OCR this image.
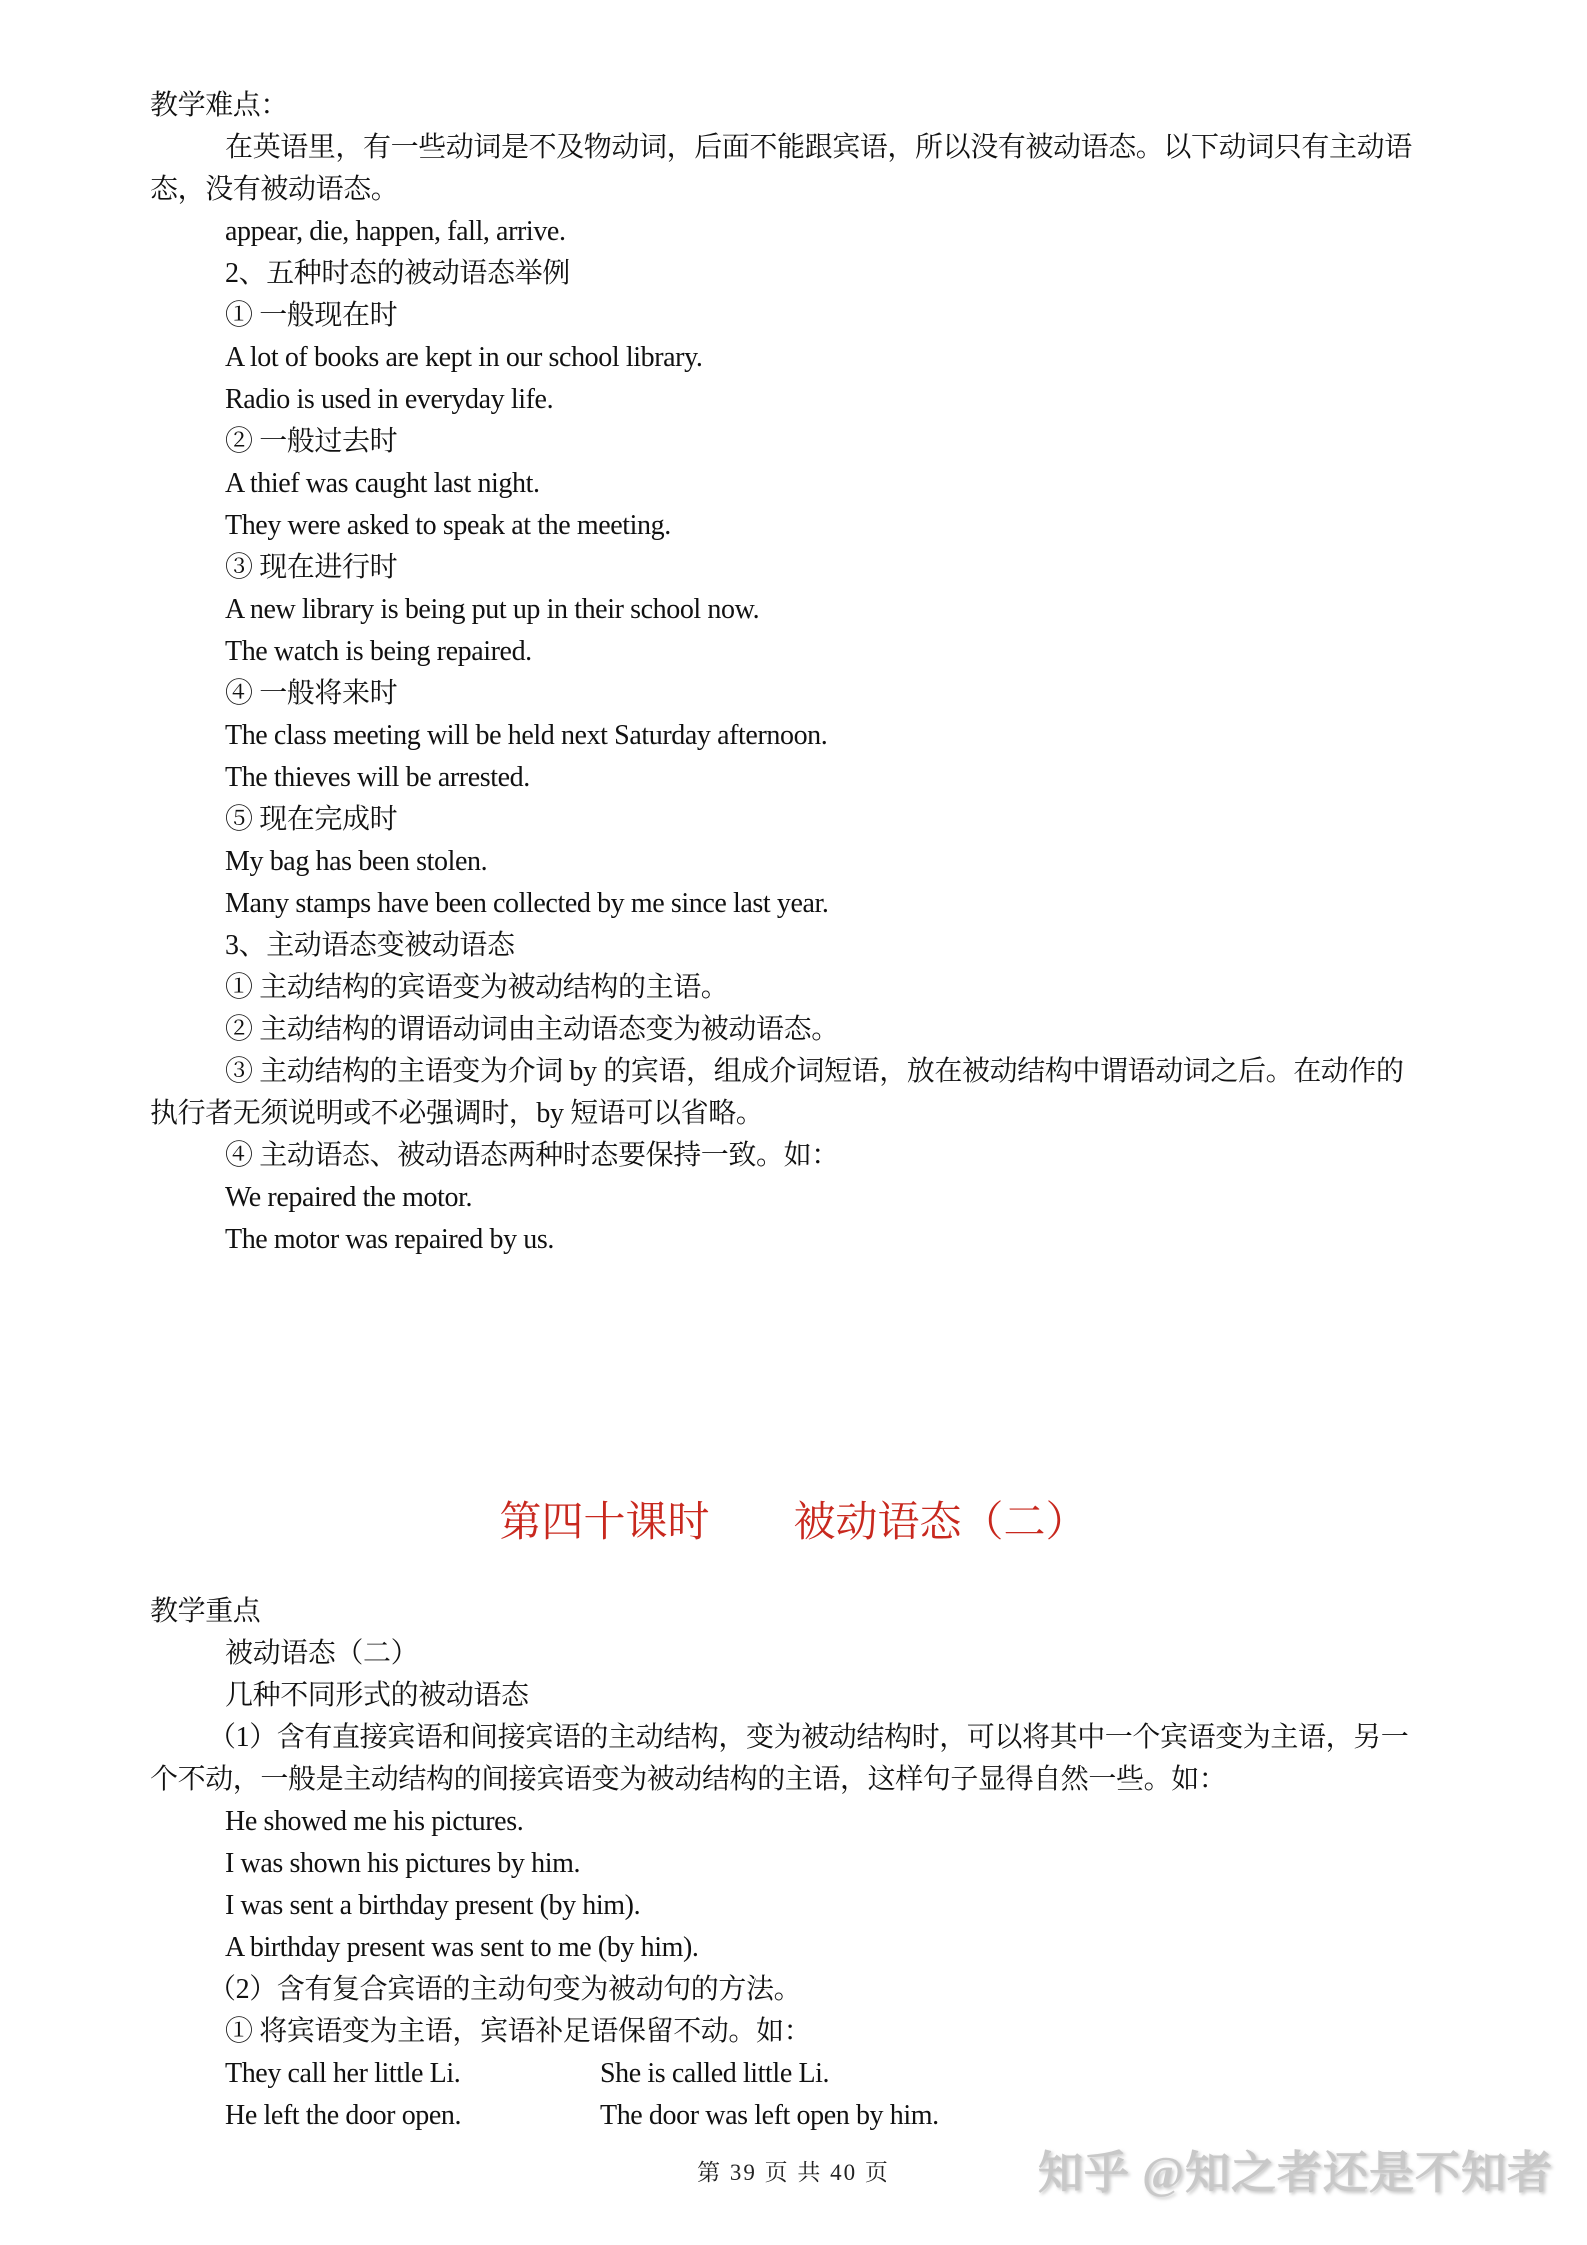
教学难点：
在英语里，有一些动词是不及物动词，后面不能跟宾语，所以没有被动语态。以下动词只有主动语
态，没有被动语态。
appear, die, happen, fall, arrive.
2、五种时态的被动语态举例
① 一般现在时
A lot of books are kept in our school library.
Radio is used in everyday life.
② 一般过去时
A thief was caught last night.
They were asked to speak at the meeting.
③ 现在进行时
A new library is being put up in their school now.
The watch is being repaired.
④ 一般将来时
The class meeting will be held next Saturday afternoon.
The thieves will be arrested.
⑤ 现在完成时
My bag has been stolen.
Many stamps have been collected by me since last year.
3、主动语态变被动语态
① 主动结构的宾语变为被动结构的主语。
② 主动结构的谓语动词由主动语态变为被动语态。
③ 主动结构的主语变为介词 by 的宾语，组成介词短语，放在被动结构中谓语动词之后。在动作的
执行者无须说明或不必强调时，by 短语可以省略。
④ 主动语态、被动语态两种时态要保持一致。如：
We repaired the motor.
The motor was repaired by us.
第四十课时　　被动语态（二）
教学重点
被动语态（二）
几种不同形式的被动语态
（1）含有直接宾语和间接宾语的主动结构，变为被动结构时，可以将其中一个宾语变为主语，另一
个不动，一般是主动结构的间接宾语变为被动结构的主语，这样句子显得自然一些。如：
He showed me his pictures.
I was shown his pictures by him.
I was sent a birthday present (by him).
A birthday present was sent to me (by him).
（2）含有复合宾语的主动句变为被动句的方法。
① 将宾语变为主语，宾语补足语保留不动。如：
They call her little Li.	She is called little Li.
He left the door open.	The door was left open by him.
第 39 页 共 40 页	知乎 @知之者还是不知者
